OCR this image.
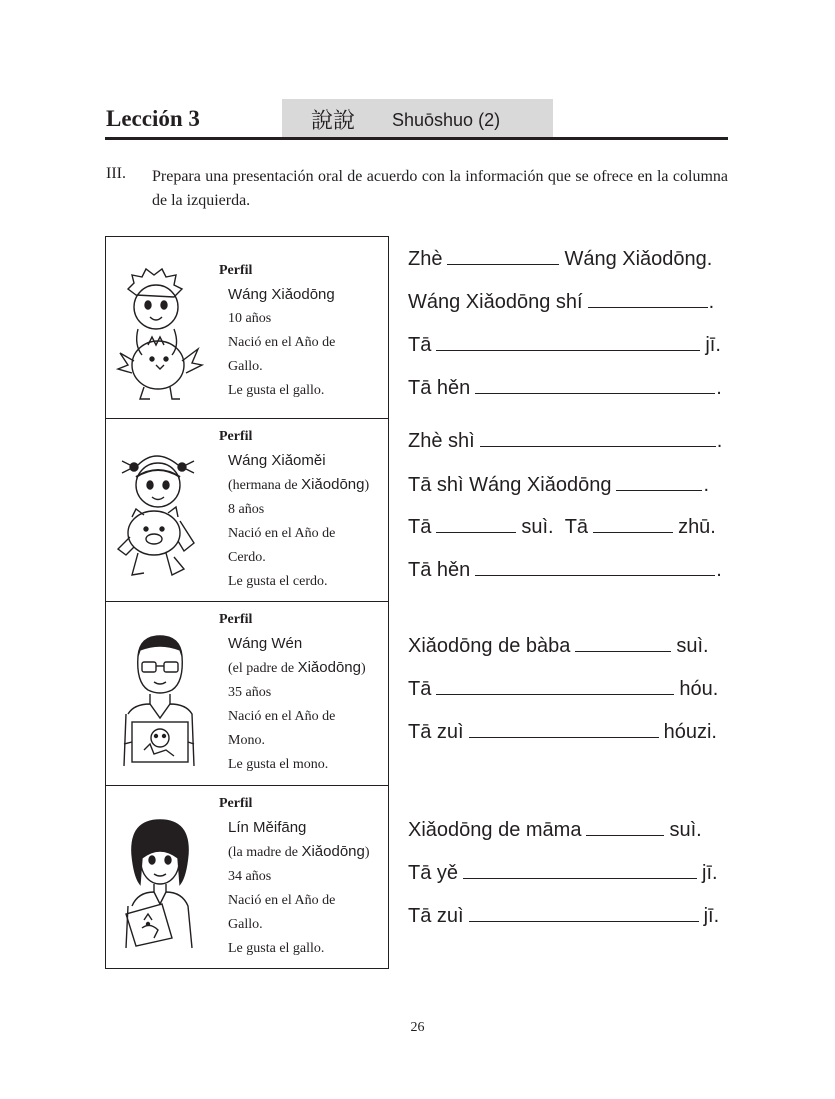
Lección 3	說說 Shuōshuo (2)
III. Prepara una presentación oral de acuerdo con la información que se ofrece en la columna de la izquierda.
Perfil
Wáng Xiǎodōng
10 años
Nació en el Año de
Gallo.
Le gusta el gallo.
Perfil
Wáng Xiǎoměi
(hermana de Xiǎodōng)
8 años
Nació en el Año de
Cerdo.
Le gusta el cerdo.
Perfil
Wáng Wén
(el padre de Xiǎodōng)
35 años
Nació en el Año de
Mono.
Le gusta el mono.
Perfil
Lín Měifāng
(la madre de Xiǎodōng)
34 años
Nació en el Año de
Gallo.
Le gusta el gallo.
Zhè	Wáng Xiǎodōng.
Wáng Xiǎodōng shí	.
Tā	jī.
Tā hěn	.
Zhè shì	.
Tā shì Wáng Xiǎodōng	.
Tā	suì. Tā	zhū.
Tā hěn	.
Xiǎodōng de bàba	suì.
Tā	hóu.
Tā zuì	hóuzi.
Xiǎodōng de māma	suì.
Tā yě	jī.
Tā zuì	jī.
26
